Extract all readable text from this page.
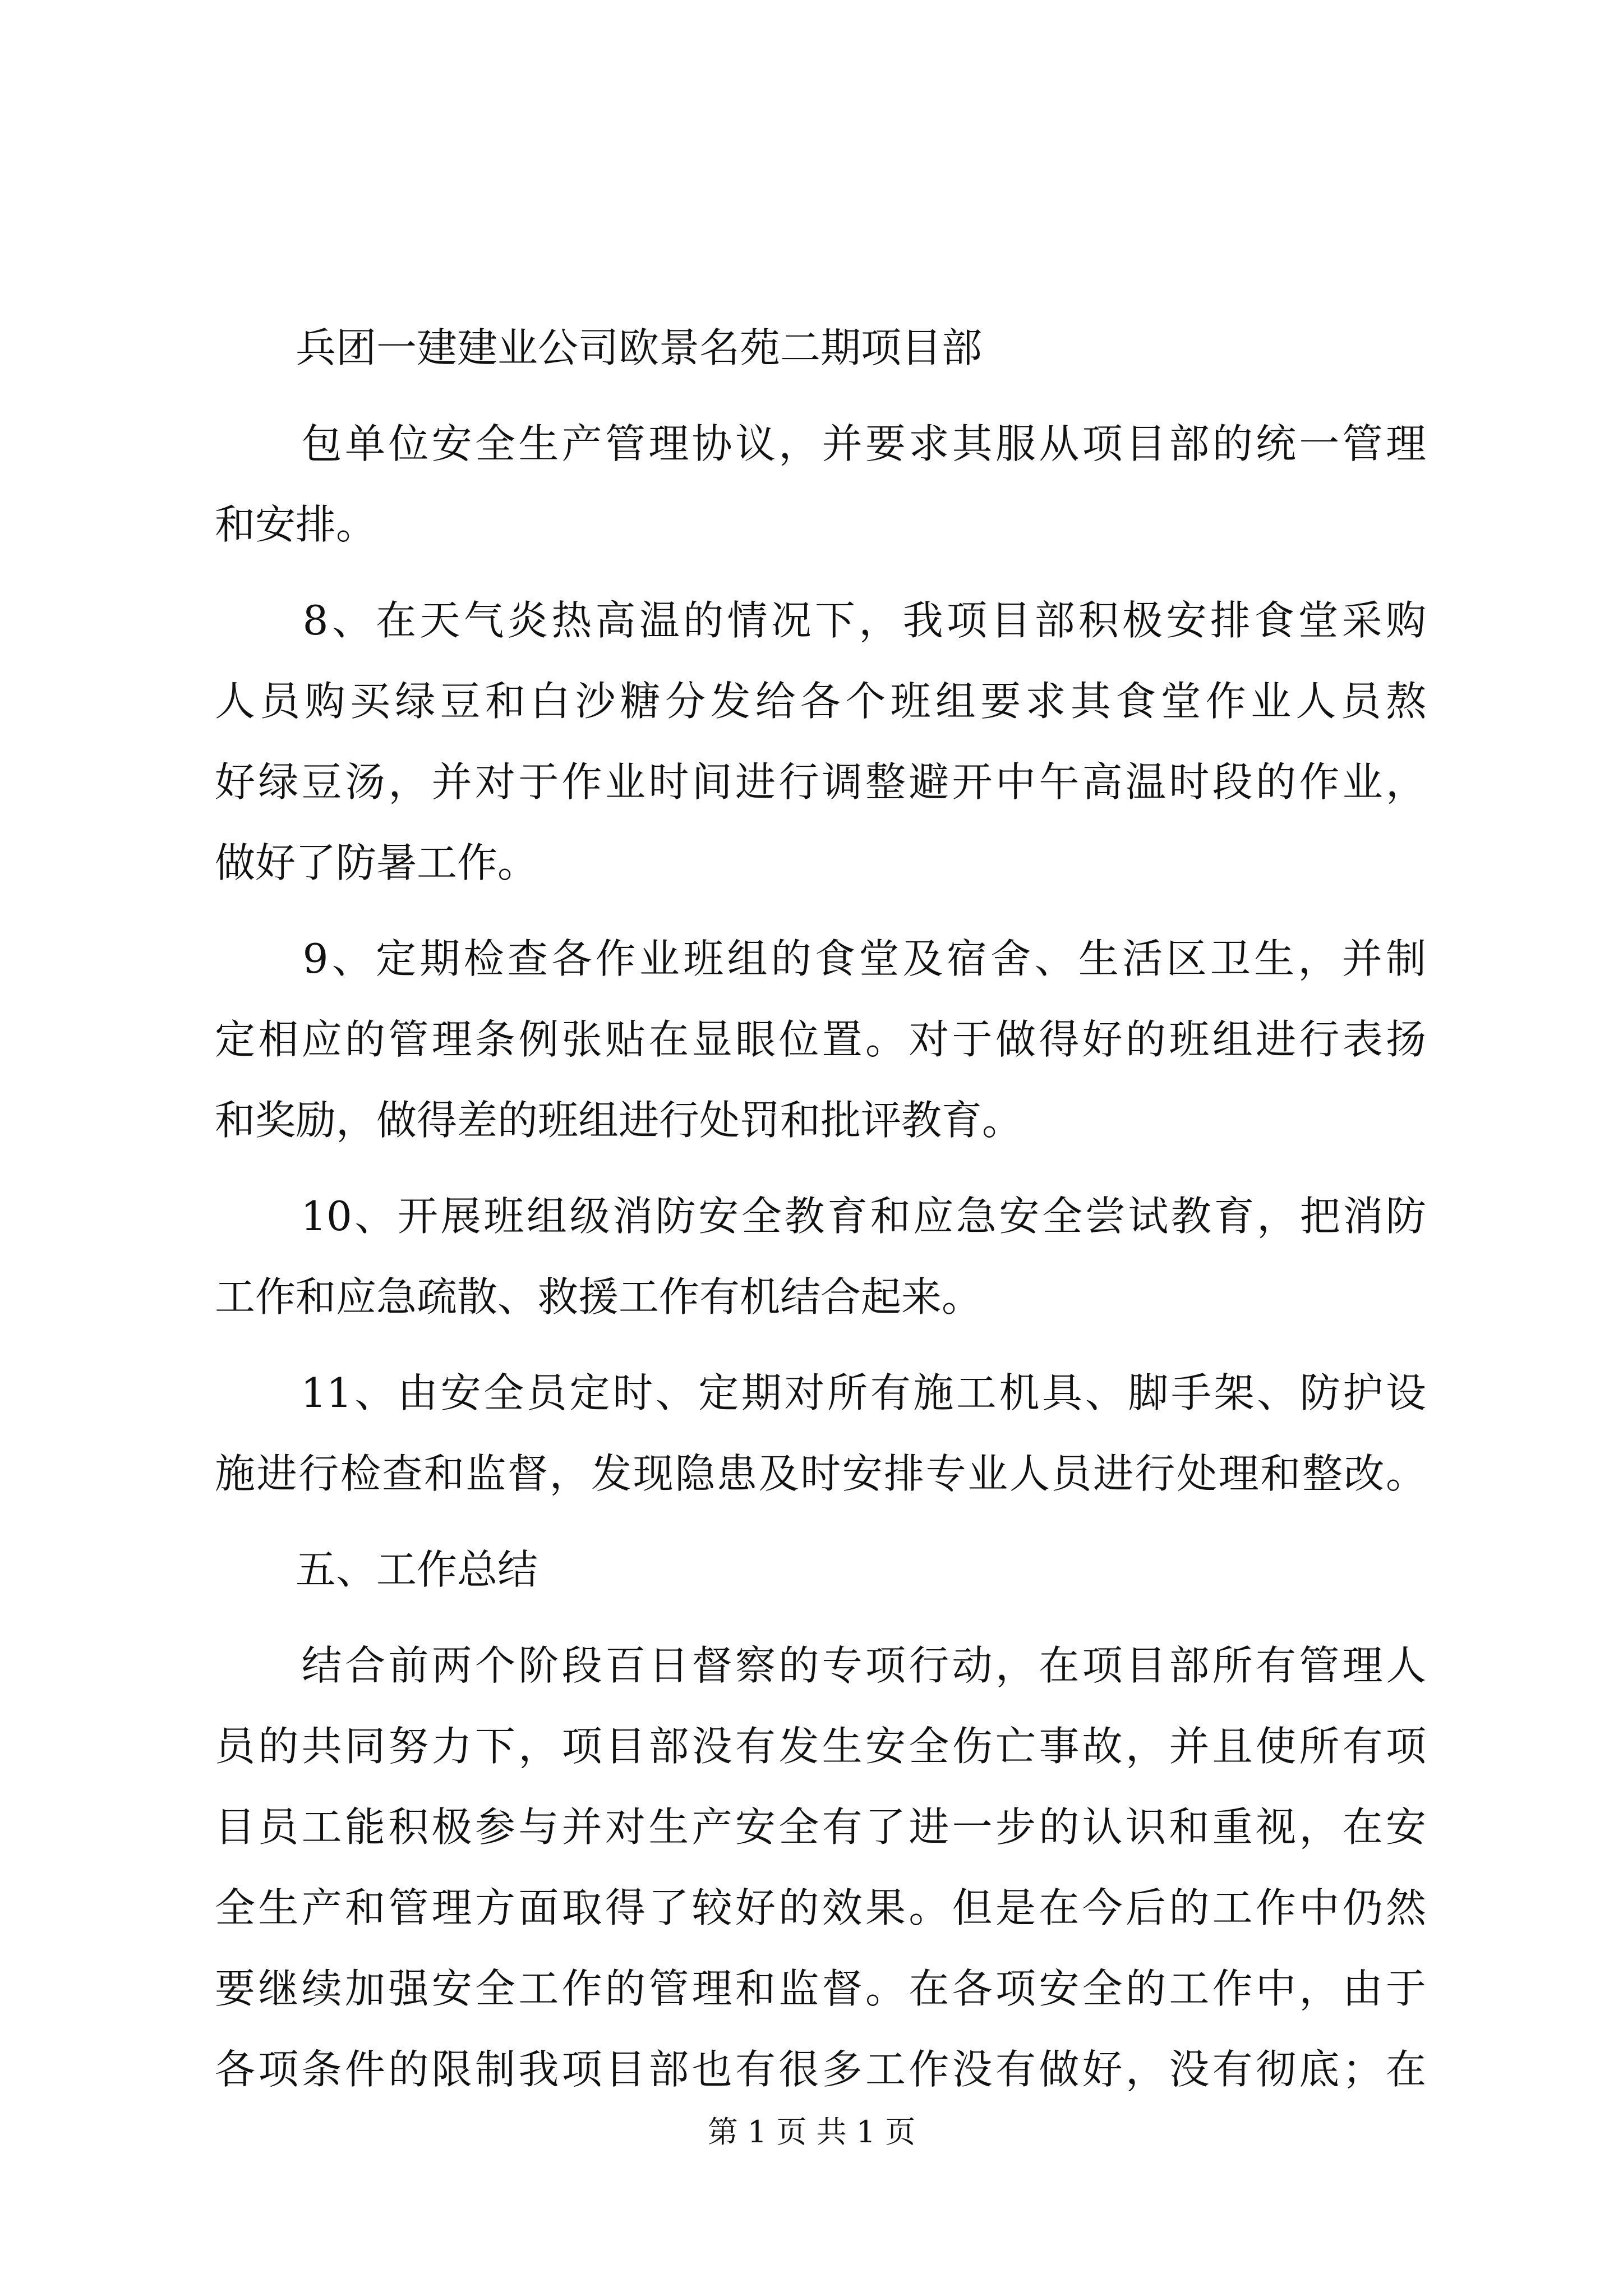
　　兵团一建建业公司欧景名苑二期项目部
　　包单位安全生产管理协议，并要求其服从项目部的统一管理
和安排。
　　8、在天气炎热高温的情况下，我项目部积极安排食堂采购
人员购买绿豆和白沙糖分发给各个班组要求其食堂作业人员熬
好绿豆汤，并对于作业时间进行调整避开中午高温时段的作业，
做好了防暑工作。
　　9、定期检查各作业班组的食堂及宿舍、生活区卫生，并制
定相应的管理条例张贴在显眼位置。对于做得好的班组进行表扬
和奖励，做得差的班组进行处罚和批评教育。
　　10、开展班组级消防安全教育和应急安全尝试教育，把消防
工作和应急疏散、救援工作有机结合起来。
　　11、由安全员定时、定期对所有施工机具、脚手架、防护设
施进行检查和监督，发现隐患及时安排专业人员进行处理和整改。
　　五、工作总结
　　结合前两个阶段百日督察的专项行动，在项目部所有管理人
员的共同努力下，项目部没有发生安全伤亡事故，并且使所有项
目员工能积极参与并对生产安全有了进一步的认识和重视，在安
全生产和管理方面取得了较好的效果。但是在今后的工作中仍然
要继续加强安全工作的管理和监督。在各项安全的工作中，由于
各项条件的限制我项目部也有很多工作没有做好，没有彻底；在
第 1 页 共 1 页
